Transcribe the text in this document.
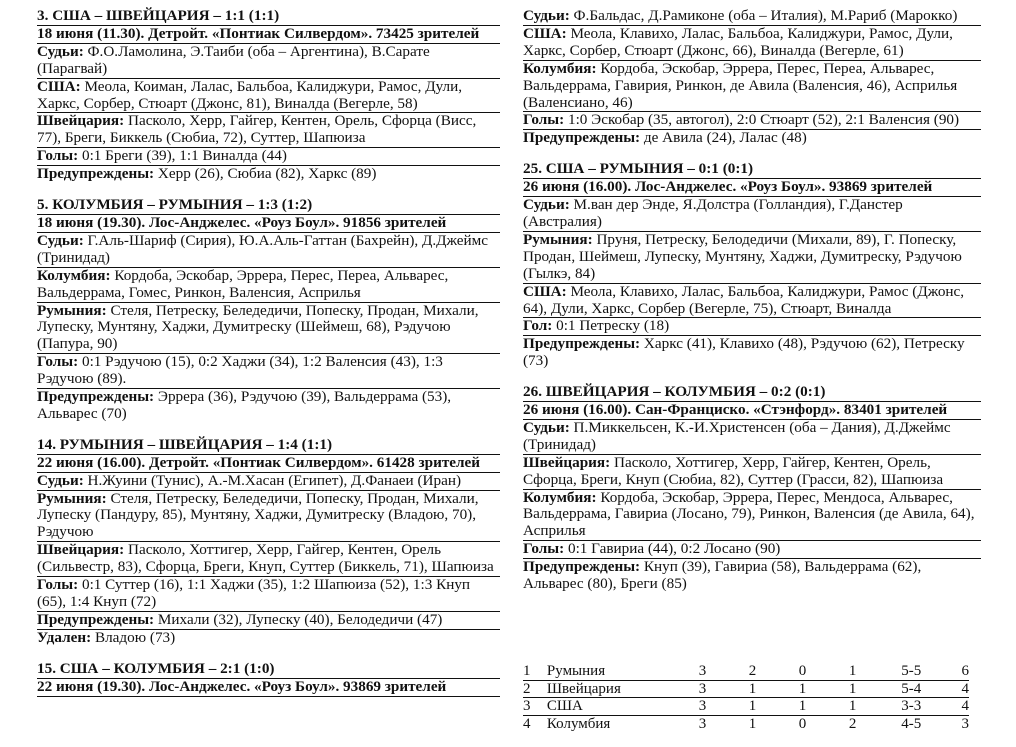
3. США – ШВЕЙЦАРИЯ – 1:1 (1:1)
18 июня (11.30). Детройт. «Понтиак Силвердом». 73425 зрителей
Судьи: Ф.О.Ламолина, Э.Таиби (оба – Аргентина), В.Сарате (Парагвай)
США: Меола, Коиман, Лалас, Бальбоа, Калиджури, Рамос, Дули, Харкс, Сорбер, Стюарт (Джонс, 81), Виналда (Вегерле, 58)
Швейцария: Пасколо, Херр, Гайгер, Кентен, Орель, Сфорца (Висс, 77), Бреги, Биккель (Сюбиа, 72), Суттер, Шапюиза
Голы: 0:1 Бреги (39), 1:1 Виналда (44)
Предупреждены: Херр (26), Сюбиа (82), Харкс (89)
5. КОЛУМБИЯ – РУМЫНИЯ – 1:3 (1:2)
18 июня (19.30). Лос-Анджелес. «Роуз Боул». 91856 зрителей
Судьи: Г.Аль-Шариф (Сирия), Ю.А.Аль-Гаттан (Бахрейн), Д.Джеймс (Тринидад)
Колумбия: Кордоба, Эскобар, Эррера, Перес, Переа, Альварес, Вальдеррама, Гомес, Ринкон, Валенсия, Асприлья
Румыния: Стеля, Петреску, Беледедичи, Попеску, Продан, Михали, Лупеску, Мунтяну, Хаджи, Думитреску (Шеймеш, 68), Рэдучою (Папура, 90)
Голы: 0:1 Рэдучою (15), 0:2 Хаджи (34), 1:2 Валенсия (43), 1:3 Рэдучою (89).
Предупреждены: Эррера (36), Рэдучою (39), Вальдеррама (53), Альварес (70)
14. РУМЫНИЯ – ШВЕЙЦАРИЯ – 1:4 (1:1)
22 июня (16.00). Детройт. «Понтиак Силвердом». 61428 зрителей
Судьи: Н.Жуини (Тунис), А.-М.Хасан (Египет), Д.Фанаеи (Иран)
Румыния: Стеля, Петреску, Беледедичи, Попеску, Продан, Михали, Лупеску (Пандуру, 85), Мунтяну, Хаджи, Думитреску (Владою, 70), Рэдучою
Швейцария: Пасколо, Хоттигер, Херр, Гайгер, Кентен, Орель (Сильвестр, 83), Сфорца, Бреги, Кнуп, Суттер (Биккель, 71), Шапюиза
Голы: 0:1 Суттер (16), 1:1 Хаджи (35), 1:2 Шапюиза (52), 1:3 Кнуп (65), 1:4 Кнуп (72)
Предупреждены: Михали (32), Лупеску (40), Белодедичи (47)
Удален: Владою (73)
15. США – КОЛУМБИЯ – 2:1 (1:0)
22 июня (19.30). Лос-Анджелес. «Роуз Боул». 93869 зрителей
Судьи: Ф.Бальдас, Д.Рамиконе (оба – Италия), М.Рариб (Марокко)
США: Меола, Клавихо, Лалас, Бальбоа, Калиджури, Рамос, Дули, Харкс, Сорбер, Стюарт (Джонс, 66), Виналда (Вегерле, 61)
Колумбия: Кордоба, Эскобар, Эррера, Перес, Переа, Альварес, Вальдеррама, Гавирия, Ринкон, де Авила (Валенсия, 46), Асприлья (Валенсиано, 46)
Голы: 1:0 Эскобар (35, автогол), 2:0 Стюарт (52), 2:1 Валенсия (90)
Предупреждены: де Авила (24), Лалас (48)
25. США – РУМЫНИЯ – 0:1 (0:1)
26 июня (16.00). Лос-Анджелес. «Роуз Боул». 93869 зрителей
Судьи: М.ван дер Энде, Я.Долстра (Голландия), Г.Данстер (Австралия)
Румыния: Пруня, Петреску, Белодедичи (Михали, 89), Г. Попеску, Продан, Шеймеш, Лупеску, Мунтяну, Хаджи, Думитреску, Рэдучою (Гылкэ, 84)
США: Меола, Клавихо, Лалас, Бальбоа, Калиджури, Рамос (Джонс, 64), Дули, Харкс, Сорбер (Вегерле, 75), Стюарт, Виналда
Гол: 0:1 Петреску (18)
Предупреждены: Харкс (41), Клавихо (48), Рэдучою (62), Петреску (73)
26. ШВЕЙЦАРИЯ – КОЛУМБИЯ – 0:2 (0:1)
26 июня (16.00). Сан-Франциско. «Стэнфорд». 83401 зрителей
Судьи: П.Миккельсен, К.-И.Христенсен (оба – Дания), Д.Джеймс (Тринидад)
Швейцария: Пасколо, Хоттигер, Херр, Гайгер, Кентен, Орель, Сфорца, Бреги, Кнуп (Сюбиа, 82), Суттер (Грасси, 82), Шапюиза
Колумбия: Кордоба, Эскобар, Эррера, Перес, Мендоса, Альварес, Вальдеррама, Гавириа (Лосано, 79), Ринкон, Валенсия (де Авила, 64), Асприлья
Голы: 0:1 Гавириа (44), 0:2 Лосано (90)
Предупреждены: Кнуп (39), Гавириа (58), Вальдеррама (62), Альварес (80), Бреги (85)
1	Румыния	3	2	0	1	5-5	6
2	Швейцария	3	1	1	1	5-4	4
3	США	3	1	1	1	3-3	4
4	Колумбия	3	1	0	2	4-5	3
